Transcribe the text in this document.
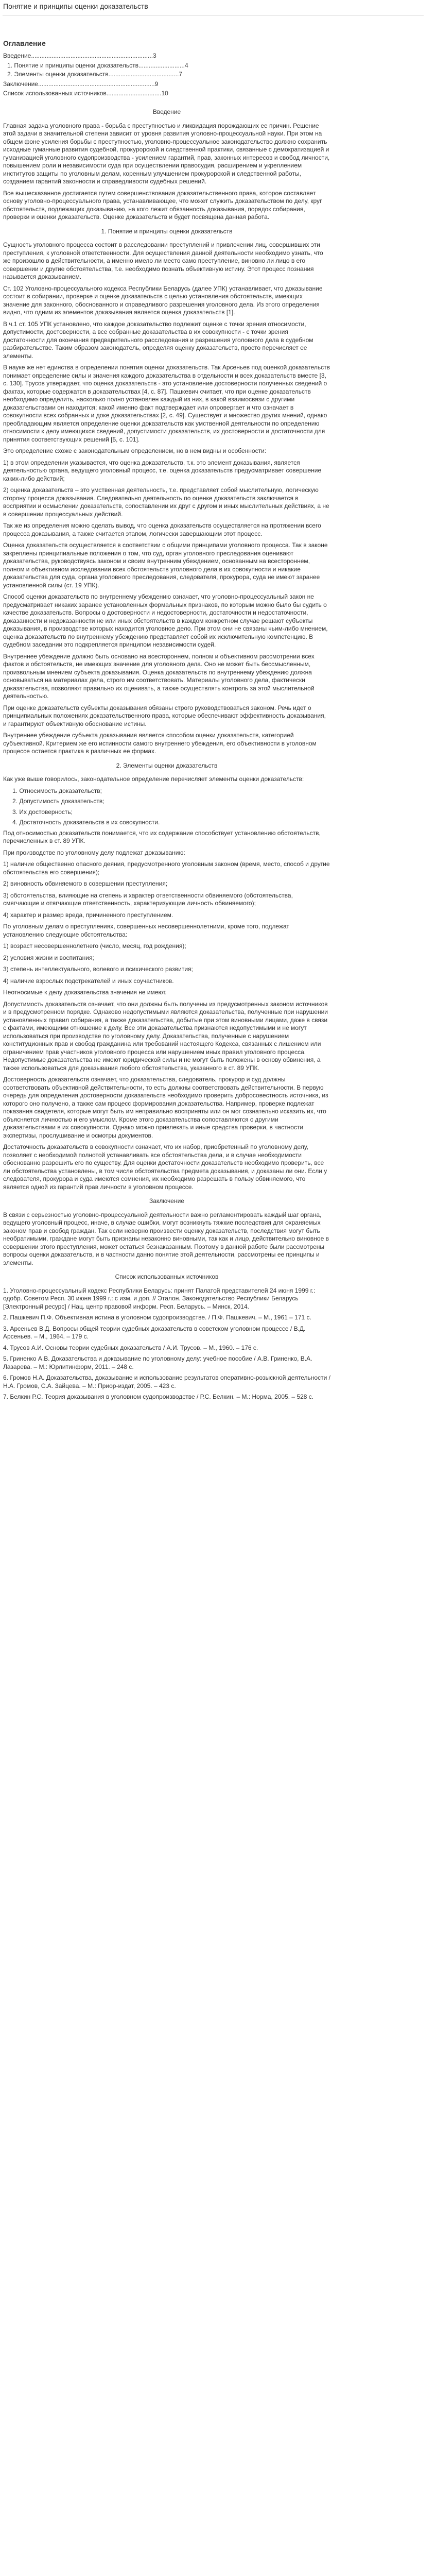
Понятие и принципы оценки доказательств
Оглавление
Введение.......................................................................3
1. Понятие и принципы оценки доказательств...........................4
2. Элементы оценки доказательств.........................................7
Заключение....................................................................9
Список использованных источников................................10

Введение

Главная задача уголовного права - борьба с преступностью и ликвидация порождающих ее причин. Решение этой задачи в значительной степени зависит от уровня развития уголовно-процессуальной науки. При этом на общем фоне усиления борьбы с преступностью, уголовно-процессуальное законодательство должно сохранить исходные гуманные развития судебной, прокурорской и следственной практики, связанные с демократизацией и гуманизацией уголовного судопроизводства - усилением гарантий, прав, законных интересов и свобод личности, повышением роли и независимости суда при осуществлении правосудия, расширением и укреплением институтов защиты по уголовным делам, коренным улучшением прокурорской и следственной работы, созданием гарантий законности и справедливости судебных решений.

Все вышесказанное достигается путем совершенствования доказательственного права, которое составляет основу уголовно-процессуального права, устанавливающее, что может служить доказательством по делу, круг обстоятельств, подлежащих доказыванию, на кого лежит обязанность доказывания, порядок собирания, проверки и оценки доказательств. Оценке доказательств и будет посвящена данная работа.

1. Понятие и принципы оценки доказательств

Сущность уголовного процесса состоит в расследовании преступлений и привлечении лиц, совершивших эти преступления, к уголовной ответственности. Для осуществления данной деятельности необходимо узнать, что же произошло в действительности, а именно имело ли место само преступление, виновно ли лицо в его совершении и другие обстоятельства, т.е. необходимо познать объективную истину. Этот процесс познания называется доказыванием.

Ст. 102 Уголовно-процессуального кодекса Республики Беларусь (далее УПК) устанавливает, что доказывание состоит в собирании, проверке и оценке доказательств с целью установления обстоятельств, имеющих значение для законного, обоснованного и справедливого разрешения уголовного дела. Из этого определения видно, что одним из элементов доказывания является оценка доказательств [1].

В ч.1 ст. 105 УПК установлено, что каждое доказательство подлежит оценке с точки зрения относимости, допустимости, достоверности, а все собранные доказательства в их совокупности - с точки зрения достаточности для окончания предварительного расследования и разрешения уголовного дела в судебном разбирательстве. Таким образом законодатель, определяя оценку доказательств, просто перечисляет ее элементы.

В науке же нет единства в определении понятия оценки доказательств. Так Арсеньев под оценкой доказательств понимает определение силы и значения каждого доказательства в отдельности и всех доказательств вместе [3, с. 130]. Трусов утверждает, что оценка доказательств - это установление достоверности полученных сведений о фактах, которые содержатся в доказательствах [4, с. 87]. Пашкевич считает, что при оценке доказательств необходимо определить, насколько полно установлен каждый из них, в какой взаимосвязи с другими доказательствами он находится; какой именно факт подтверждает или опровергает и что означает в совокупности всех собранных и доке доказательствах [2, с. 49]. Существует и множество других мнений, однако преобладающим является определение оценки доказательств как умственной деятельности по определению относимости к делу имеющихся сведений, допустимости доказательств, их достоверности и достаточности для принятия соответствующих решений [5, с. 101].

Это определение схоже с законодательным определением, но в нем видны и особенности:

1) в этом определении указывается, что оценка доказательств, т.к. это элемент доказывания, является деятельностью органа, ведущего уголовный процесс, т.е. оценка доказательств предусматривает совершение каких-либо действий;

2) оценка доказательств – это умственная деятельность, т.е. представляет собой мыслительную, логическую сторону процесса доказывания. Следовательно деятельность по оценке доказательств заключается в восприятии и осмыслении доказательств, сопоставлении их друг с другом и иных мыслительных действиях, а не в совершении процессуальных действий.

Так же из определения можно сделать вывод, что оценка доказательств осуществляется на протяжении всего процесса доказывания, а также считается этапом, логически завершающим этот процесс.

Оценка доказательств осуществляется в соответствии с общими принципами уголовного процесса. Так в законе закреплены принципиальные положения о том, что суд, орган уголовного преследования оценивают доказательства, руководствуясь законом и своим внутренним убеждением, основанным на всестороннем, полном и объективном исследовании всех обстоятельств уголовного дела в их совокупности и никакие доказательства для суда, органа уголовного преследования, следователя, прокурора, суда не имеют заранее установленной силы (ст. 19 УПК).

Способ оценки доказательств по внутреннему убеждению означает, что уголовно-процессуальный закон не предусматривает никаких заранее установленных формальных признаков, по которым можно было бы судить о качестве доказательств. Вопросы о достоверности и недостоверности, достаточности и недостаточности, доказанности и недоказанности не или иных обстоятельств в каждом конкретном случае решают субъекты доказывания, в производстве которых находится уголовное дело. При этом они не связаны чьим-либо мнением, оценка доказательств по внутреннему убеждению представляет собой их исключительную компетенцию. В судебном заседании это подкрепляется принципом независимости судей.

Внутреннее убеждение должно быть основано на всестороннем, полном и объективном рассмотрении всех фактов и обстоятельств, не имеющих значение для уголовного дела. Оно не может быть бессмысленным, произвольным мнением субъекта доказывания. Оценка доказательств по внутреннему убеждению должна основываться на материалах дела, строго им соответствовать. Материалы уголовного дела, фактически доказательства, позволяют правильно их оценивать, а также осуществлять контроль за этой мыслительной деятельностью.

При оценке доказательств субъекты доказывания обязаны строго руководствоваться законом. Речь идет о принципиальных положениях доказательственного права, которые обеспечивают эффективность доказывания, и гарантируют объективную обоснование истины.

Внутреннее убеждение субъекта доказывания является способом оценки доказательств, категорией субъективной. Критерием же его истинности самого внутреннего убеждения, его объективности в уголовном процессе остается практика в различных ее формах.

2. Элементы оценки доказательств

Как уже выше говорилось, законодательное определение перечисляет элементы оценки доказательств:

1. Относимость доказательств;

2. Допустимость доказательств;

3. Их достоверность;

4. Достаточность доказательств в их совокупности.

Под относимостью доказательств понимается, что их содержание способствует установлению обстоятельств, перечисленных в ст. 89 УПК.

При производстве по уголовному делу подлежат доказыванию:

1) наличие общественно опасного деяния, предусмотренного уголовным законом (время, место, способ и другие обстоятельства его совершения);

2) виновность обвиняемого в совершении преступления;

3) обстоятельства, влияющие на степень и характер ответственности обвиняемого (обстоятельства, смягчающие и отягчающие ответственность, характеризующие личность обвиняемого);

4) характер и размер вреда, причиненного преступлением.

По уголовным делам о преступлениях, совершенных несовершеннолетними, кроме того, подлежат установлению следующие обстоятельства:

1) возраст несовершеннолетнего (число, месяц, год рождения);

2) условия жизни и воспитания;

3) степень интеллектуального, волевого и психического развития;

4) наличие взрослых подстрекателей и иных соучастников.

Неотносимые к делу доказательства значения не имеют.

Допустимость доказательств означает, что они должны быть получены из предусмотренных законом источников и в предусмотренном порядке. Однаково недопустимыми являются доказательства, полученные при нарушении установленных правил собирания, а также доказательства, добытые при этом виновными лицами, даже в связи с фактами, имеющими отношение к делу. Все эти доказательства признаются недопустимыми и не могут использоваться при производстве по уголовному делу. Доказательства, полученные с нарушением конституционных прав и свобод гражданина или требований настоящего Кодекса, связанных с лишением или ограничением прав участников уголовного процесса или нарушением иных правил уголовного процесса. Недопустимые доказательства не имеют юридической силы и не могут быть положены в основу обвинения, а также использоваться для доказывания любого обстоятельства, указанного в ст. 89 УПК.

Достоверность доказательств означает, что доказательства, следователь, прокурор и суд должны соответствовать объективной действительности, то есть должны соответствовать действительности. В первую очередь для определения достоверности доказательств необходимо проверить добросовестность источника, из которого оно получено, а также сам процесс формирования доказательства. Например, проверке подлежат показания свидетеля, которые могут быть им неправильно восприняты или он мог сознательно исказить их, что объясняется личностью и его умыслом. Кроме этого доказательства сопоставляются с другими доказательствами в их совокупности. Однако можно привлекать и иные средства проверки, в частности экспертизы, прослушивание и осмотры документов.

Достаточность доказательств в совокупности означает, что их набор, приобретенный по уголовному делу, позволяет с необходимой полнотой устанавливать все обстоятельства дела, и в случае необходимости обоснованно разрешить его по существу. Для оценки достаточности доказательств необходимо проверить, все ли обстоятельства установлены, в том числе обстоятельства предмета доказывания, и доказаны ли они. Если у следователя, прокурора и суда имеются сомнения, их необходимо разрешать в пользу обвиняемого, что является одной из гарантий прав личности в уголовном процессе.

Заключение

В связи с серьезностью уголовно-процессуальной деятельности важно регламентировать каждый шаг органа, ведущего уголовный процесс, иначе, в случае ошибки, могут возникнуть тяжкие последствия для охраняемых законом прав и свобод граждан. Так если неверно произвести оценку доказательств, последствия могут быть необратимыми, граждане могут быть признаны незаконно виновными, так как и лицо, действительно виновное в совершении этого преступления, может остаться безнаказанным. Поэтому в данной работе были рассмотрены вопросы оценки доказательств, и в частности данно понятие этой деятельности, рассмотрены ее принципы и элементы.

Список использованных источников

1. Уголовно-процессуальный кодекс Республики Беларусь: принят Палатой представителей 24 июня 1999 г.: одобр. Советом Респ. 30 июня 1999 г.: с изм. и доп. // Эталон. Законодательство Республики Беларусь [Электронный ресурс] / Нац. центр правовой информ. Респ. Беларусь. – Минск, 2014.

2. Пашкевич П.Ф. Объективная истина в уголовном судопроизводстве. / П.Ф. Пашкевич. – М., 1961 – 171 с.

3. Арсеньев В.Д. Вопросы общей теории судебных доказательств в советском уголовном процессе / В.Д. Арсеньев. – М., 1964. – 179 с.

4. Трусов А.И. Основы теории судебных доказательств / А.И. Трусов. – М., 1960. – 176 с.

5. Гриненко А.В. Доказательства и доказывание по уголовному делу: учебное пособие / А.В. Гриненко, В.А. Лазарева. – М.: Юрлитинформ, 2011. – 248 с.

6. Громов Н.А. Доказательства, доказывание и использование результатов оперативно-розыскной деятельности / Н.А. Громов, С.А. Зайцева. – М.: Приор-издат, 2005. – 423 с.

7. Белкин Р.С. Теория доказывания в уголовном судопроизводстве / Р.С. Белкин. – М.: Норма, 2005. – 528 с.
